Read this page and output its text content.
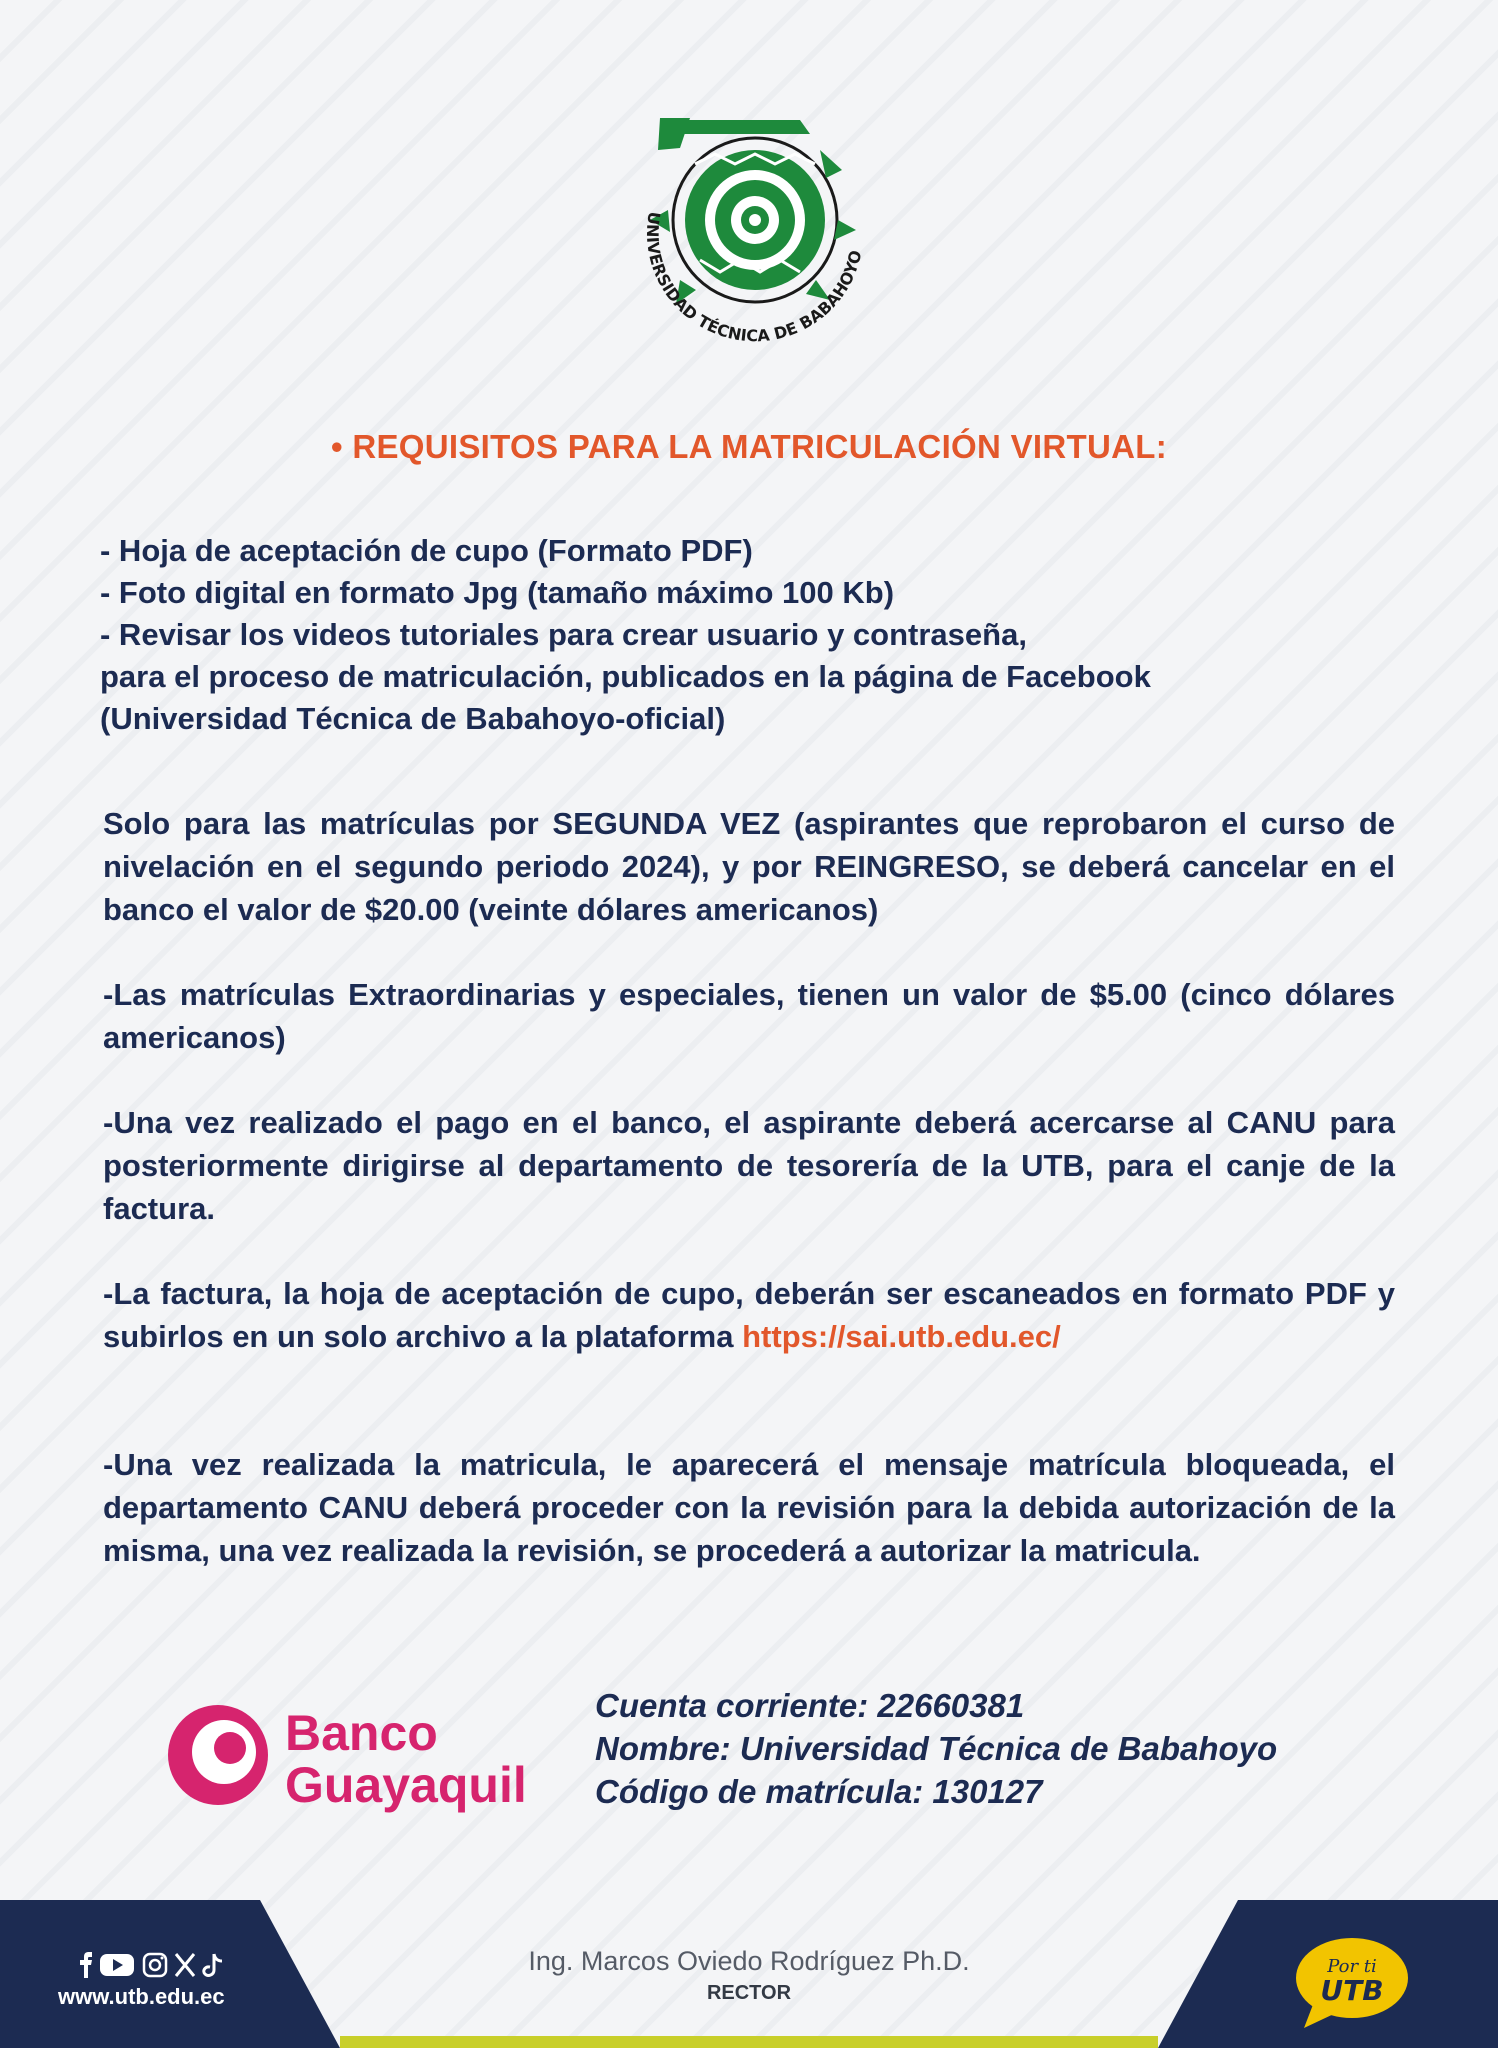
UNIVERSIDAD TÉCNICA DE BABAHOYO
• REQUISITOS PARA LA MATRICULACIÓN VIRTUAL:
- Hoja de aceptación de cupo (Formato PDF)
- Foto digital en formato Jpg (tamaño máximo 100 Kb)
- Revisar los videos tutoriales para crear usuario y contraseña,
para el proceso de matriculación, publicados en la página de Facebook
(Universidad Técnica de Babahoyo-oficial)

Solo para las matrículas por SEGUNDA VEZ (aspirantes que reprobaron el curso de nivelación en el segundo periodo 2024), y por REINGRESO, se deberá cancelar en el banco el valor de $20.00 (veinte dólares americanos)

-Las matrículas Extraordinarias y especiales, tienen un valor de $5.00 (cinco dólares americanos)

-Una vez realizado el pago en el banco, el aspirante deberá acercarse al CANU para posteriormente dirigirse al departamento de tesorería de la UTB, para el canje de la factura.

-La factura, la hoja de aceptación de cupo, deberán ser escaneados en formato PDF y subirlos en un solo archivo a la plataforma https://sai.utb.edu.ec/

-Una vez realizada la matricula, le aparecerá el mensaje matrícula bloqueada, el departamento CANU deberá proceder con la revisión para la debida autorización de la misma, una vez realizada la revisión, se procederá a autorizar la matricula.

Banco
Guayaquil
Cuenta corriente: 22660381
Nombre: Universidad Técnica de Babahoyo
Código de matrícula: 130127
www.utb.edu.ec
Ing. Marcos Oviedo Rodríguez Ph.D.
RECTOR
Por ti
UTB
